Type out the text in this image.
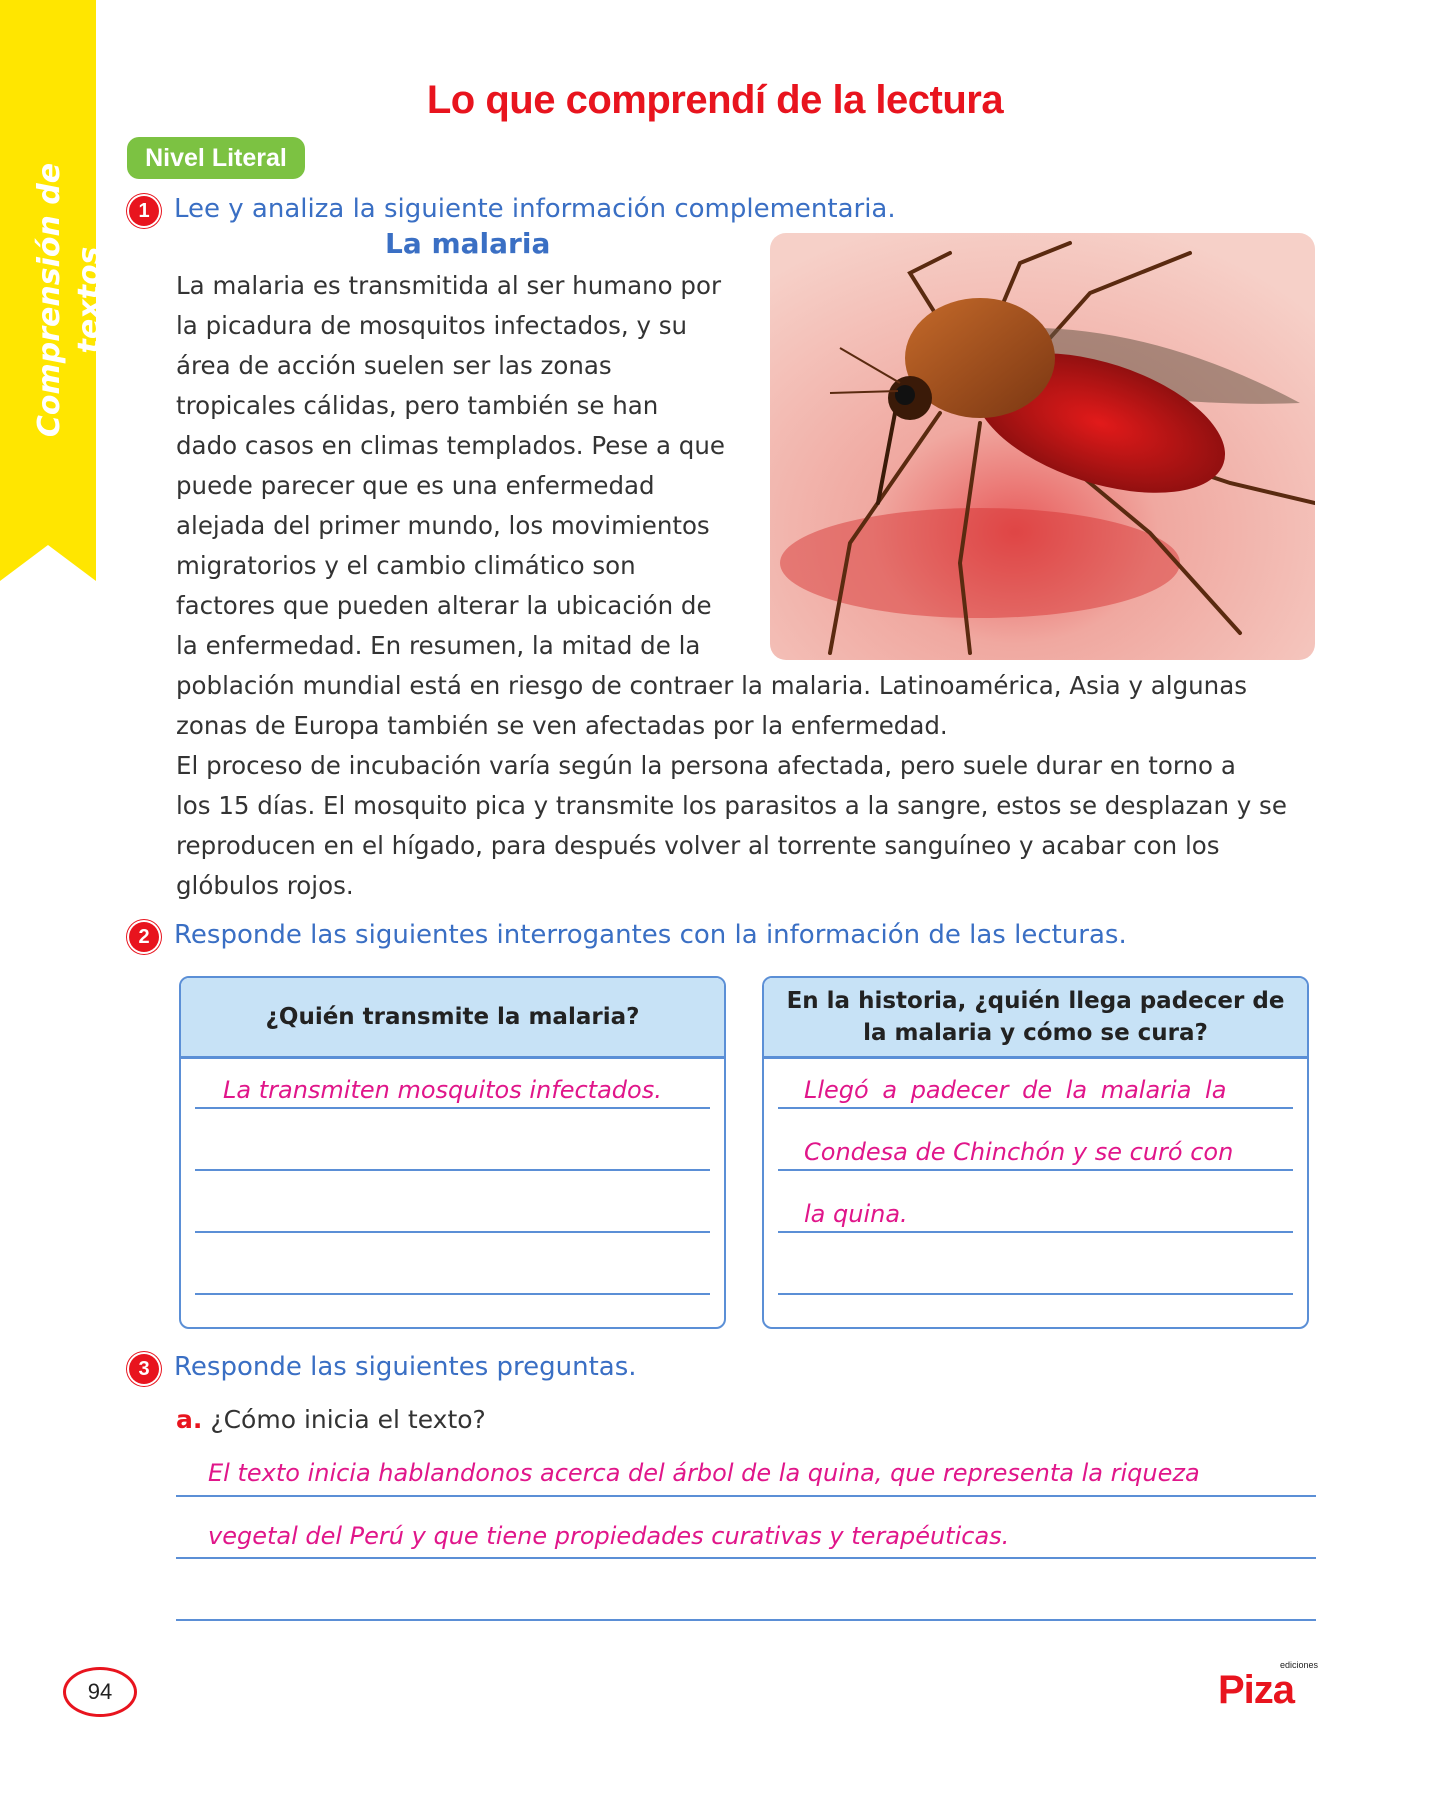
Comprensión de textos
Lo que comprendí de la lectura
Nivel Literal
1 Lee y analiza la siguiente información complementaria.
La malaria

La malaria es transmitida al ser humano por

la picadura de mosquitos infectados, y su

área de acción suelen ser las zonas

tropicales cálidas, pero también se han

dado casos en climas templados. Pese a que

puede parecer que es una enfermedad

alejada del primer mundo, los movimientos

migratorios y el cambio climático son

factores que pueden alterar la ubicación de

la enfermedad. En resumen, la mitad de la

población mundial está en riesgo de contraer la malaria. Latinoamérica, Asia y algunas

zonas de Europa también se ven afectadas por la enfermedad.

El proceso de incubación varía según la persona afectada, pero suele durar en torno a

los 15 días. El mosquito pica y transmite los parasitos a la sangre, estos se desplazan y se

reproducen en el hígado, para después volver al torrente sanguíneo y acabar con los

glóbulos rojos.

2 Responde las siguientes interrogantes con la información de las lecturas.
¿Quién transmite la malaria?
La transmiten mosquitos infectados.
En la historia, ¿quién llega padecer de la malaria y cómo se cura?
Llegó a padecer de la malaria la
Condesa de Chinchón y se curó con
la quina.
3 Responde las siguientes preguntas.
a. ¿Cómo inicia el texto?
El texto inicia hablandonos acerca del árbol de la quina, que representa la riqueza
vegetal del Perú y que tiene propiedades curativas y terapéuticas.
94
ediciones
Piza
